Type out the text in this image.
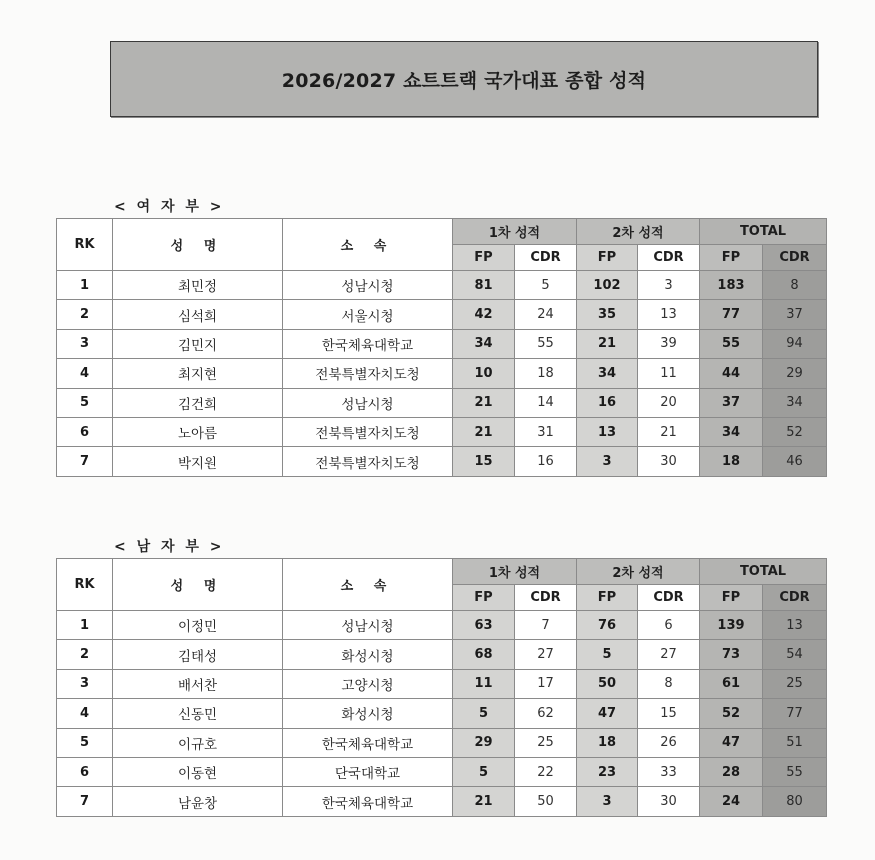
2026/2027 쇼트트랙 국가대표 종합 성적
< 여 자 부 >
RK	성 명	소 속	1차 성적		2차 성적		TOTAL	
			FP	CDR	FP	CDR	FP	CDR
1	최민정	성남시청	81	5	102	3	183	8
2	심석희	서울시청	42	24	35	13	77	37
3	김민지	한국체육대학교	34	55	21	39	55	94
4	최지현	전북특별자치도청	10	18	34	11	44	29
5	김건희	성남시청	21	14	16	20	37	34
6	노아름	전북특별자치도청	21	31	13	21	34	52
7	박지원	전북특별자치도청	15	16	3	30	18	46
< 남 자 부 >
RK	성 명	소 속	1차 성적		2차 성적		TOTAL	
			FP	CDR	FP	CDR	FP	CDR
1	이정민	성남시청	63	7	76	6	139	13
2	김태성	화성시청	68	27	5	27	73	54
3	배서찬	고양시청	11	17	50	8	61	25
4	신동민	화성시청	5	62	47	15	52	77
5	이규호	한국체육대학교	29	25	18	26	47	51
6	이동현	단국대학교	5	22	23	33	28	55
7	남윤창	한국체육대학교	21	50	3	30	24	80
